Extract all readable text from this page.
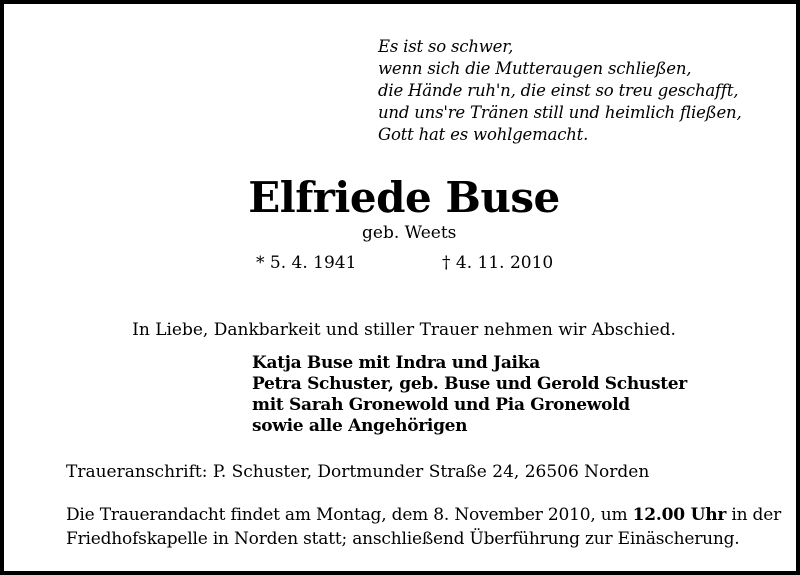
Es ist so schwer,
wenn sich die Mutteraugen schließen,
die Hände ruh'n, die einst so treu geschafft,
und uns're Tränen still und heimlich fließen,
Gott hat es wohlgemacht.
Elfriede Buse
geb. Weets
* 5. 4. 1941	† 4. 11. 2010
In Liebe, Dankbarkeit und stiller Trauer nehmen wir Abschied.
Katja Buse mit Indra und Jaika
Petra Schuster, geb. Buse und Gerold Schuster
mit Sarah Gronewold und Pia Gronewold
sowie alle Angehörigen
Traueranschrift: P. Schuster, Dortmunder Straße 24, 26506 Norden
Die Trauerandacht findet am Montag, dem 8. November 2010, um 12.00 Uhr in der
Friedhofskapelle in Norden statt; anschließend Überführung zur Einäscherung.
